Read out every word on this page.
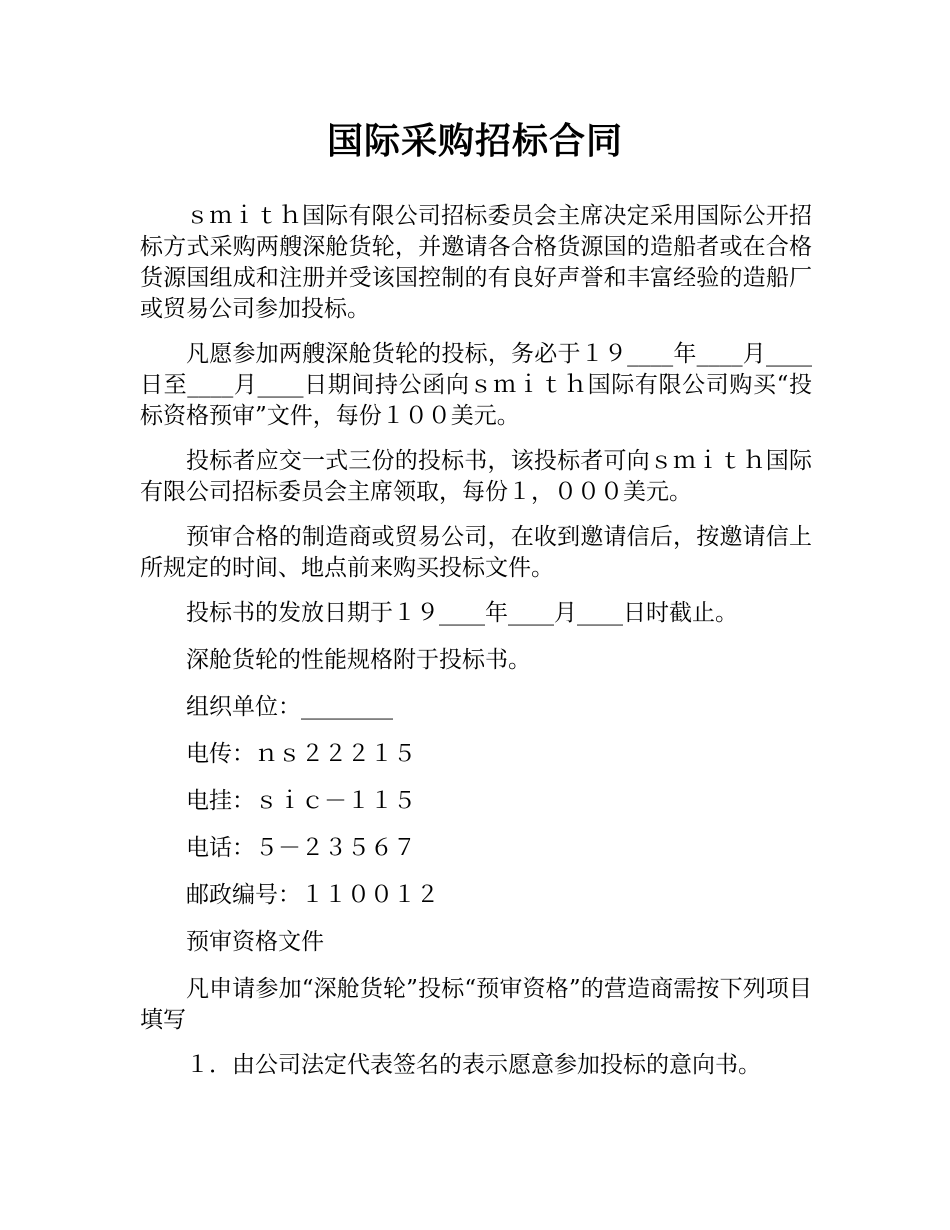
国际采购招标合同

ｓｍｉｔｈ国际有限公司招标委员会主席决定采用国际公开招标方式采购两艘深舱货轮，并邀请各合格货源国的造船者或在合格货源国组成和注册并受该国控制的有良好声誉和丰富经验的造船厂或贸易公司参加投标。

凡愿参加两艘深舱货轮的投标，务必于１９____年____月____日至____月____日期间持公函向ｓｍｉｔｈ国际有限公司购买“投标资格预审”文件，每份１００美元。

投标者应交一式三份的投标书，该投标者可向ｓｍｉｔｈ国际有限公司招标委员会主席领取，每份１，０００美元。

预审合格的制造商或贸易公司，在收到邀请信后，按邀请信上所规定的时间、地点前来购买投标文件。

投标书的发放日期于１９____年____月____日时截止。

深舱货轮的性能规格附于投标书。

组织单位：________

电传：ｎｓ２２２１５

电挂：ｓｉｃ－１１５

电话：５－２３５６７

邮政编号：１１００１２

预审资格文件

凡申请参加“深舱货轮”投标“预审资格”的营造商需按下列项目填写

１．由公司法定代表签名的表示愿意参加投标的意向书。
